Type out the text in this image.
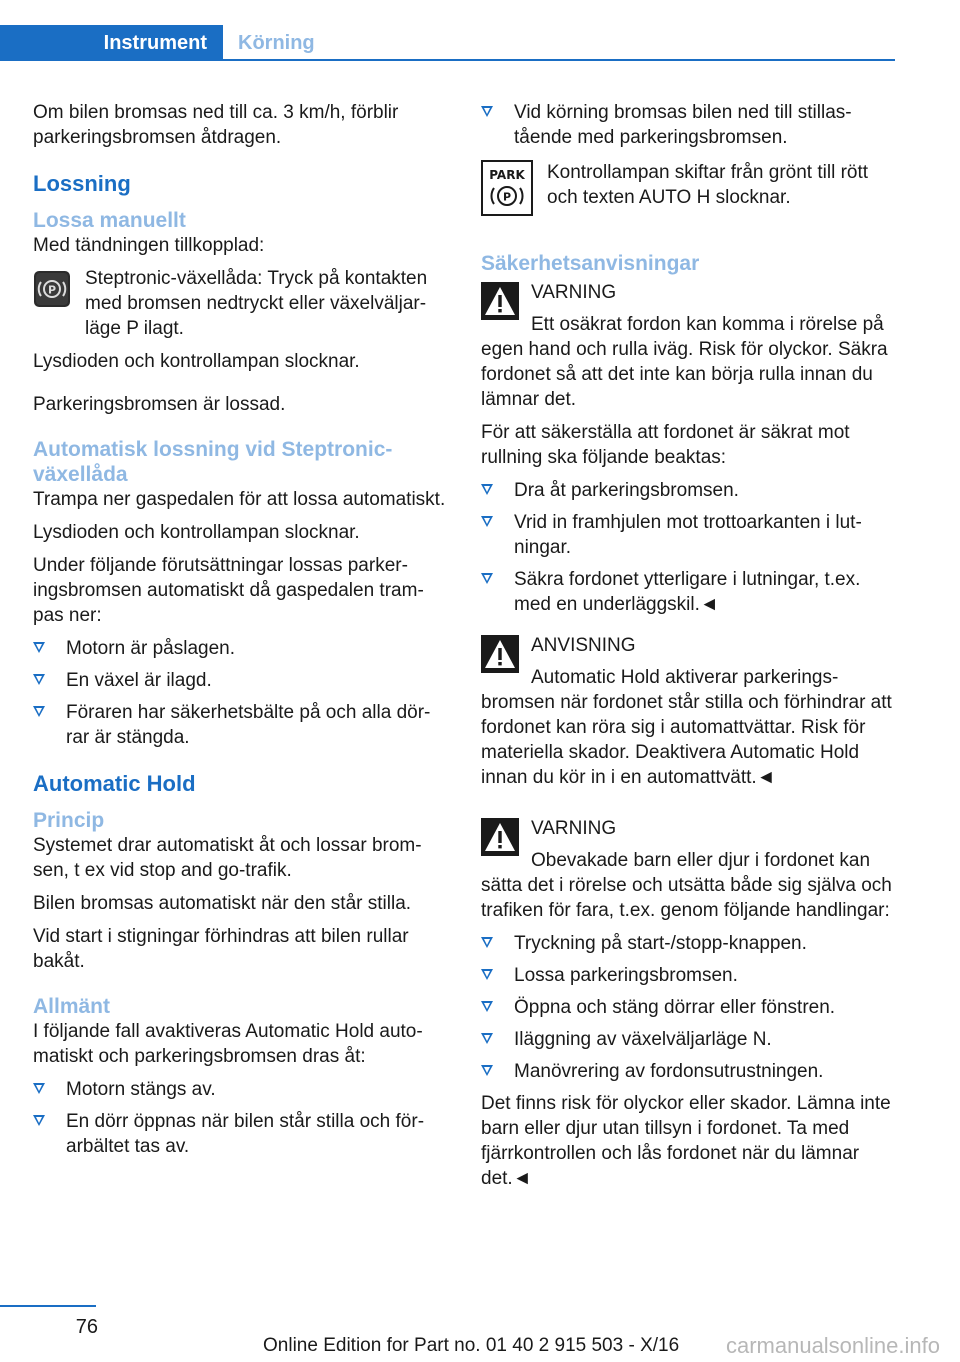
Instrument Körning

Om bilen bromsas ned till ca. 3 km/h, förblir parkeringsbromsen åtdragen.

Lossning
Lossa manuellt

Med tändningen tillkopplad:

P

Steptronic-växellåda: Tryck på kontakten med bromsen nedtryckt eller växelväljarläge P ilagt.

Lysdioden och kontrollampan slocknar.

Parkeringsbromsen är lossad.

Automatisk lossning vid Steptronic-växellåda

Trampa ner gaspedalen för att lossa automatiskt.

Lysdioden och kontrollampan slocknar.

Under följande förutsättningar lossas parkeringsbromsen automatiskt då gaspedalen trampas ner:

Motorn är påslagen.
En växel är ilagd.
Föraren har säkerhetsbälte på och alla dörrar är stängda.
Automatic Hold
Princip

Systemet drar automatiskt åt och lossar bromsen, t ex vid stop and go-trafik.

Bilen bromsas automatiskt när den står stilla.

Vid start i stigningar förhindras att bilen rullar bakåt.

Allmänt

I följande fall avaktiveras Automatic Hold automatiskt och parkeringsbromsen dras åt:

Motorn stängs av.
En dörr öppnas när bilen står stilla och förarbältet tas av.
Vid körning bromsas bilen ned till stillastående med parkeringsbromsen.
PARK
P

Kontrollampan skiftar från grönt till rött och texten AUTO H slocknar.

Säkerhetsanvisningar
VARNING

Ett osäkrat fordon kan komma i rörelse på egen hand och rulla iväg. Risk för olyckor. Säkra fordonet så att det inte kan börja rulla innan du lämnar det.

För att säkerställa att fordonet är säkrat mot rullning ska följande beaktas:

Dra åt parkeringsbromsen.
Vrid in framhjulen mot trottoarkanten i lutningar.
Säkra fordonet ytterligare i lutningar, t.ex. med en underläggskil.◄
ANVISNING

Automatic Hold aktiverar parkeringsbromsen när fordonet står stilla och förhindrar att fordonet kan röra sig i automattvättar. Risk för materiella skador. Deaktivera Automatic Hold innan du kör in i en automattvätt.◄

VARNING

Obevakade barn eller djur i fordonet kan sätta det i rörelse och utsätta både sig själva och trafiken för fara, t.ex. genom följande handlingar:

Tryckning på start-/stopp-knappen.
Lossa parkeringsbromsen.
Öppna och stäng dörrar eller fönstren.
Iläggning av växelväljarläge N.
Manövrering av fordonsutrustningen.

Det finns risk för olyckor eller skador. Lämna inte barn eller djur utan tillsyn i fordonet. Ta med fjärrkontrollen och lås fordonet när du lämnar det.◄

76
Online Edition for Part no. 01 40 2 915 503 - X/16 carmanualsonline.info
